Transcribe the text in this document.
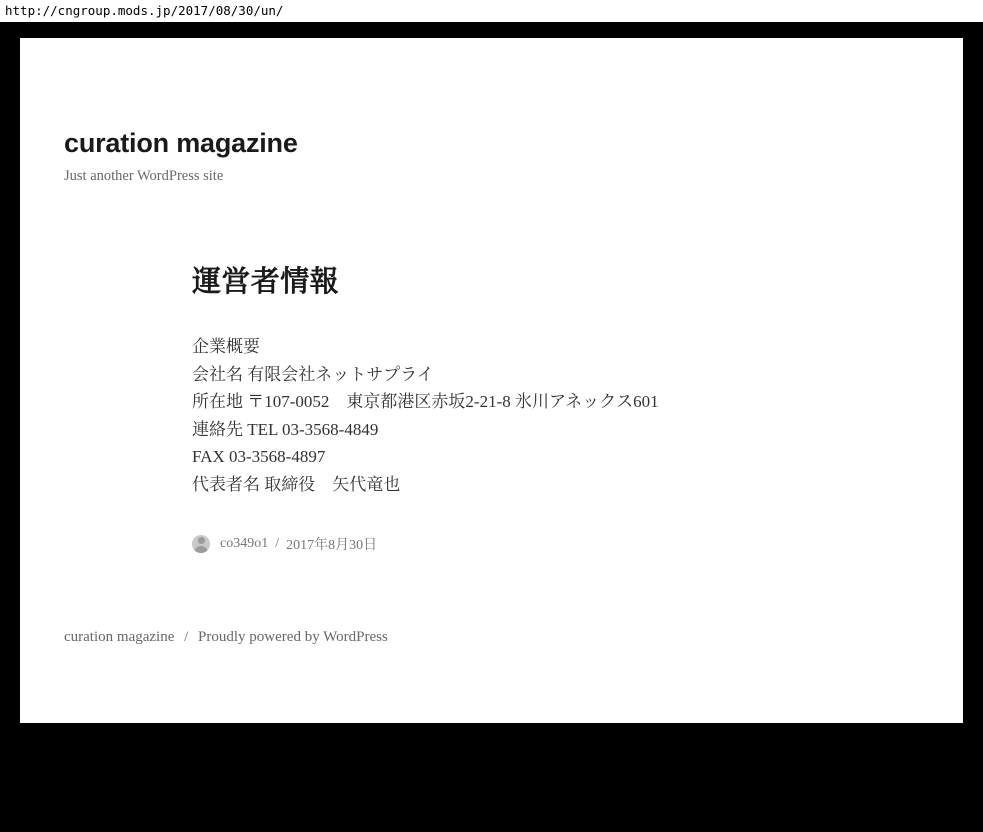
http://cngroup.mods.jp/2017/08/30/un/
curation magazine

Just another WordPress site

運営者情報

企業概要

会社名 有限会社ネットサプライ

所在地 〒107-0052　東京都港区赤坂2-21-8 氷川アネックス601

連絡先 TEL 03-3568-4849

FAX 03-3568-4897

代表者名 取締役　矢代竜也

co349o1 / 2017年8月30日
curation magazine / Proudly powered by WordPress
